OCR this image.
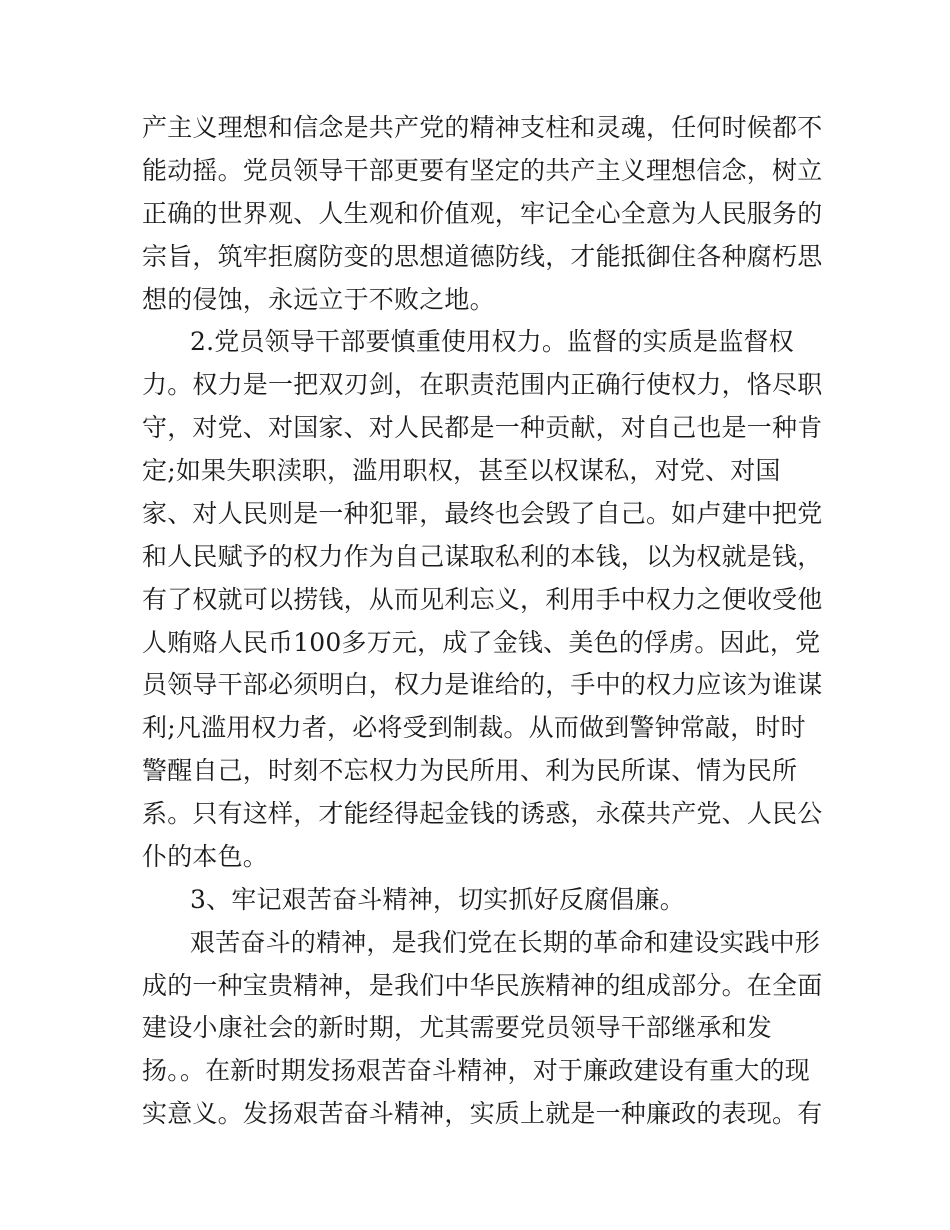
产主义理想和信念是共产党的精神支柱和灵魂，任何时候都不
能动摇。党员领导干部更要有坚定的共产主义理想信念，树立
正确的世界观、人生观和价值观，牢记全心全意为人民服务的
宗旨，筑牢拒腐防变的思想道德防线，才能抵御住各种腐朽思
想的侵蚀，永远立于不败之地。
2.党员领导干部要慎重使用权力。监督的实质是监督权
力。权力是一把双刃剑，在职责范围内正确行使权力，恪尽职
守，对党、对国家、对人民都是一种贡献，对自己也是一种肯
定;如果失职渎职，滥用职权，甚至以权谋私，对党、对国
家、对人民则是一种犯罪，最终也会毁了自己。如卢建中把党
和人民赋予的权力作为自己谋取私利的本钱，以为权就是钱，
有了权就可以捞钱，从而见利忘义，利用手中权力之便收受他
人贿赂人民币100多万元，成了金钱、美色的俘虏。因此，党
员领导干部必须明白，权力是谁给的，手中的权力应该为谁谋
利;凡滥用权力者，必将受到制裁。从而做到警钟常敲，时时
警醒自己，时刻不忘权力为民所用、利为民所谋、情为民所
系。只有这样，才能经得起金钱的诱惑，永葆共产党、人民公
仆的本色。
3、牢记艰苦奋斗精神，切实抓好反腐倡廉。
艰苦奋斗的精神，是我们党在长期的革命和建设实践中形
成的一种宝贵精神，是我们中华民族精神的组成部分。在全面
建设小康社会的新时期，尤其需要党员领导干部继承和发
扬。。在新时期发扬艰苦奋斗精神，对于廉政建设有重大的现
实意义。发扬艰苦奋斗精神，实质上就是一种廉政的表现。有
